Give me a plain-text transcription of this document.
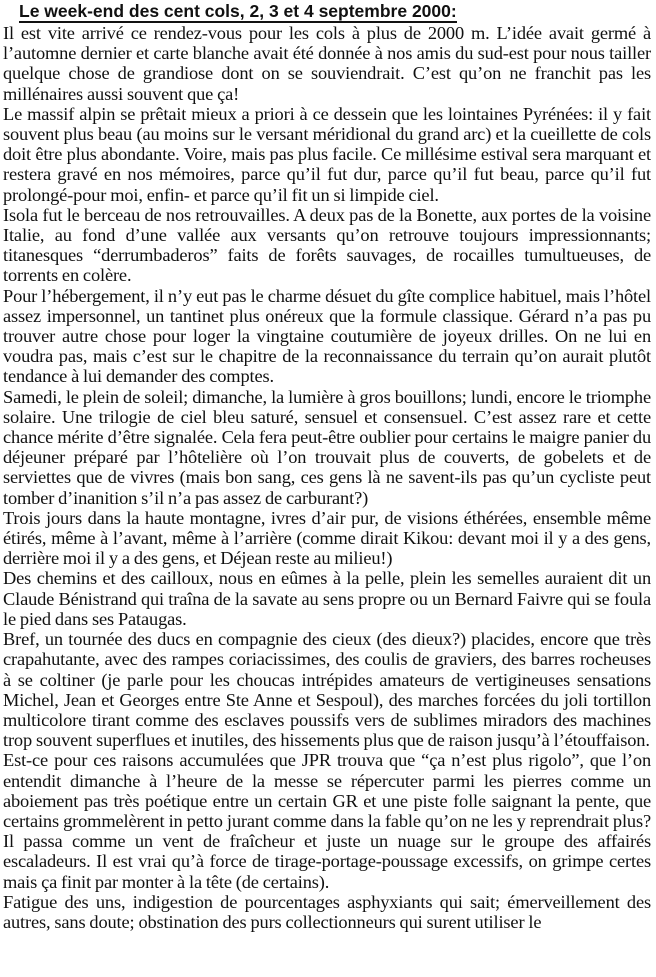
Le week-end des cent cols, 2, 3 et 4 septembre 2000:

Il est vite arrivé ce rendez-vous pour les cols à plus de 2000 m. L’idée avait germé à l’automne dernier et carte blanche avait été donnée à nos amis du sud-est pour nous tailler quelque chose de grandiose dont on se souviendrait. C’est qu’on ne franchit pas les millénaires aussi souvent que ça!

Le massif alpin se prêtait mieux a priori à ce dessein que les lointaines Pyrénées: il y fait souvent plus beau (au moins sur le versant méridional du grand arc) et la cueillette de cols doit être plus abondante. Voire, mais pas plus facile. Ce millésime estival sera marquant et restera gravé en nos mémoires, parce qu’il fut dur, parce qu’il fut beau, parce qu’il fut prolongé-pour moi, enfin- et parce qu’il fit un si limpide ciel.

Isola fut le berceau de nos retrouvailles. A deux pas de la Bonette, aux portes de la voisine Italie, au fond d’une vallée aux versants qu’on retrouve toujours impressionnants; titanesques “derrumbaderos” faits de forêts sauvages, de rocailles tumultueuses, de torrents en colère.

Pour l’hébergement, il n’y eut pas le charme désuet du gîte complice habituel, mais l’hôtel assez impersonnel, un tantinet plus onéreux que la formule classique. Gérard n’a pas pu trouver autre chose pour loger la vingtaine coutumière de joyeux drilles. On ne lui en voudra pas, mais c’est sur le chapitre de la reconnaissance du terrain qu’on aurait plutôt tendance à lui demander des comptes.

Samedi, le plein de soleil; dimanche, la lumière à gros bouillons; lundi, encore le triomphe solaire. Une trilogie de ciel bleu saturé, sensuel et consensuel. C’est assez rare et cette chance mérite d’être signalée. Cela fera peut-être oublier pour certains le maigre panier du déjeuner préparé par l’hôtelière où l’on trouvait plus de couverts, de gobelets et de serviettes que de vivres (mais bon sang, ces gens là ne savent-ils pas qu’un cycliste peut tomber d’inanition s’il n’a pas assez de carburant?)

Trois jours dans la haute montagne, ivres d’air pur, de visions éthérées, ensemble même étirés, même à l’avant, même à l’arrière (comme dirait Kikou: devant moi il y a des gens, derrière moi il y a des gens, et Déjean reste au milieu!)

Des chemins et des cailloux, nous en eûmes à la pelle, plein les semelles auraient dit un Claude Bénistrand qui traîna de la savate au sens propre ou un Bernard Faivre qui se foula le pied dans ses Pataugas.

Bref, un tournée des ducs en compagnie des cieux (des dieux?) placides, encore que très crapahutante, avec des rampes coriacissimes, des coulis de graviers, des barres rocheuses à se coltiner (je parle pour les choucas intrépides amateurs de vertigineuses sensations Michel, Jean et Georges entre Ste Anne et Sespoul), des marches forcées du joli tortillon multicolore tirant comme des esclaves poussifs vers de sublimes miradors des machines trop souvent superflues et inutiles, des hissements plus que de raison jusqu’à l’étouffaison.

Est-ce pour ces raisons accumulées que JPR trouva que “ça n’est plus rigolo”, que l’on entendit dimanche à l’heure de la messe se répercuter parmi les pierres comme un aboiement pas très poétique entre un certain GR et une piste folle saignant la pente, que certains grommelèrent in petto jurant comme dans la fable qu’on ne les y reprendrait plus? Il passa comme un vent de fraîcheur et juste un nuage sur le groupe des affairés escaladeurs. Il est vrai qu’à force de tirage-portage-poussage excessifs, on grimpe certes mais ça finit par monter à la tête (de certains).

Fatigue des uns, indigestion de pourcentages asphyxiants qui sait; émerveillement des autres, sans doute; obstination des purs collectionneurs qui surent utiliser le
